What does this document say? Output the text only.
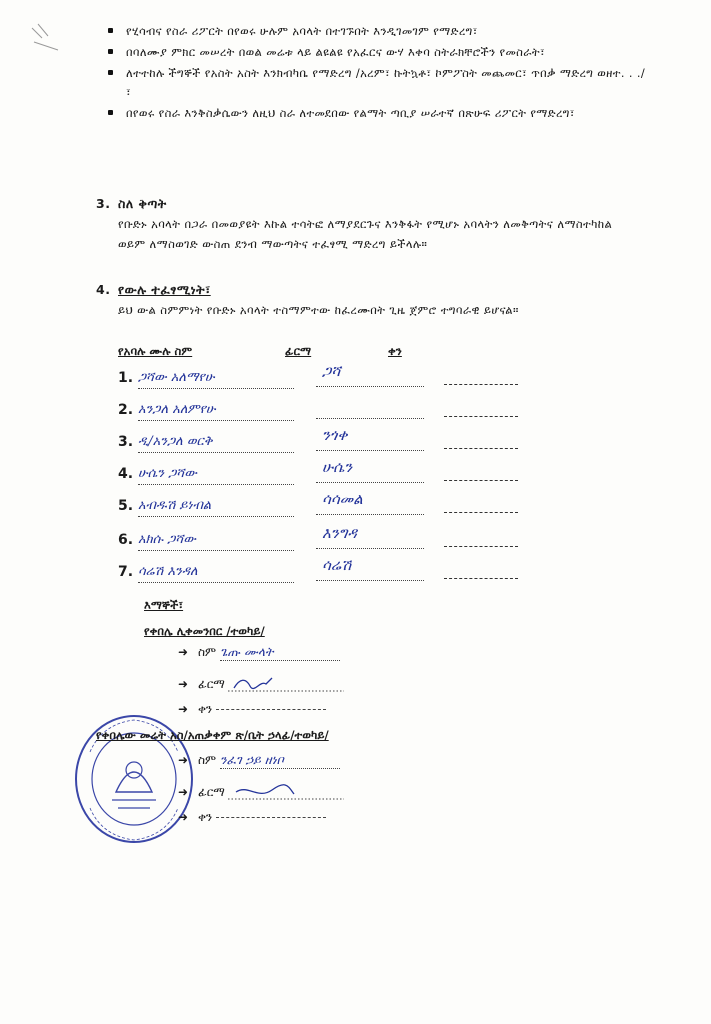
የሂሳብና የስራ ሪፖርት በየወሩ ሁሉም አባላት በተገኙበት እንዲገመገም የማድረግ፣
በባለሙያ ምክር መሠረት በወል መሬቱ ላይ ልዩልዩ የአፈርና ውሃ እቀባ ስትራክቸሮችን የመስራት፣
ለተተከሉ ችግኞች የአስት አስት እንክብካቤ የማድረግ /አረም፣ ኩትኳቶ፣ ኮምፖስት መጨመር፣ ጥበቃ ማድረግ ወዘተ. . ./፣
በየወሩ የስራ እንቅስቃሴውን ለዚህ ስራ ለተመደበው የልማት ጣቢያ ሠራተኛ በጽሁፍ ሪፖርት የማድረግ፣
3. ስለ ቅጣት
የቡድኑ አባላት በጋራ በመወያዩት እኩል ተሳትፎ ለማያደርጉና እንቅፋት የሚሆኑ አባላትን ለመቅጣትና ለማስተካከል ወይም ለማስወገድ ውስጠ ደንብ ማውጣትና ተፈፃሚ ማድረግ ይችላሉ።
4. የውሉ ተፈፃሚነት፣
ይህ ውል ስምምነት የቡድኑ አባላት ተስማምተው ከፈረሙበት ጊዜ ጀምሮ ተግባራዊ ይሆናል።
የአባሉ ሙሉ ስም	ፊርማ	ቀን
1. ጋሻው አለማየሁ	ጋሻ
2. አንጋለ አለምየሁ
3. ዲ/አንጋለ ወርቅ	ንጎቀ
4. ሁሴን ጋሻው	ሁሴን
5. አብዱሽ ይነብል	ሳሳመል
6. አክሱ ጋሻው	እንግዳ
7. ሳሬሽ እንዳለ	ሳሬሽ
እማኞች፣
የቀበሌ ሊቀመንበር /ተወካይ/
➜ ስም ጌጡ ሙላት
➜ ፊርማ
➜ ቀን
የቀበሌው መሬት አስ/አጠቃቀም ጽ/ቤት ኃላፊ/ተወካይ/
➜ ስም ንፈገ ኃይ ዘነቦ
➜ ፊርማ
➜ ቀን
